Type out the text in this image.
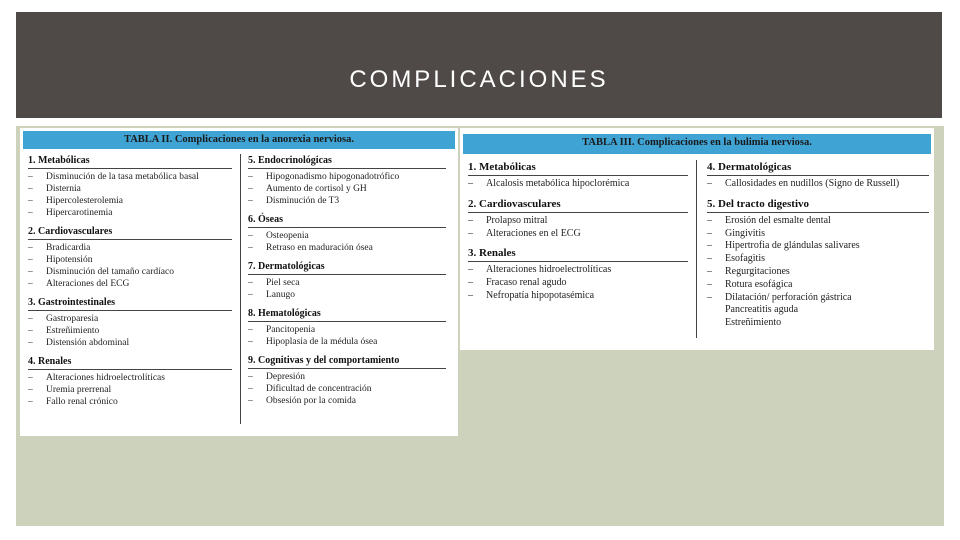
COMPLICACIONES
TABLA II. Complicaciones en la anorexia nerviosa.
1. Metabólicas
–	Disminución de la tasa metabólica basal
–	Disternia
–	Hipercolesterolemia
–	Hipercarotinemia
2. Cardiovasculares
–	Bradicardia
–	Hipotensión
–	Disminución del tamaño cardíaco
–	Alteraciones del ECG
3. Gastrointestinales
–	Gastroparesia
–	Estreñimiento
–	Distensión abdominal
4. Renales
–	Alteraciones hidroelectrolíticas
–	Uremia prerrenal
–	Fallo renal crónico
5. Endocrinológicas
–	Hipogonadismo hipogonadotrófico
–	Aumento de cortisol y GH
–	Disminución de T3
6. Óseas
–	Osteopenia
–	Retraso en maduración ósea
7. Dermatológicas
–	Piel seca
–	Lanugo
8. Hematológicas
–	Pancitopenia
–	Hipoplasia de la médula ósea
9. Cognitivas y del comportamiento
–	Depresión
–	Dificultad de concentración
–	Obsesión por la comida
TABLA III. Complicaciones en la bulimia nerviosa.
1. Metabólicas
–	Alcalosis metabólica hipoclorémica
2. Cardiovasculares
–	Prolapso mitral
–	Alteraciones en el ECG
3. Renales
–	Alteraciones hidroelectrolíticas
–	Fracaso renal agudo
–	Nefropatía hipopotasémica
4. Dermatológicas
–	Callosidades en nudillos (Signo de Russell)
5. Del tracto digestivo
–	Erosión del esmalte dental
–	Gingivitis
–	Hipertrofia de glándulas salivares
–	Esofagitis
–	Regurgitaciones
–	Rotura esofágica
–	Dilatación/ perforación gástrica
Pancreatitis aguda
Estreñimiento
